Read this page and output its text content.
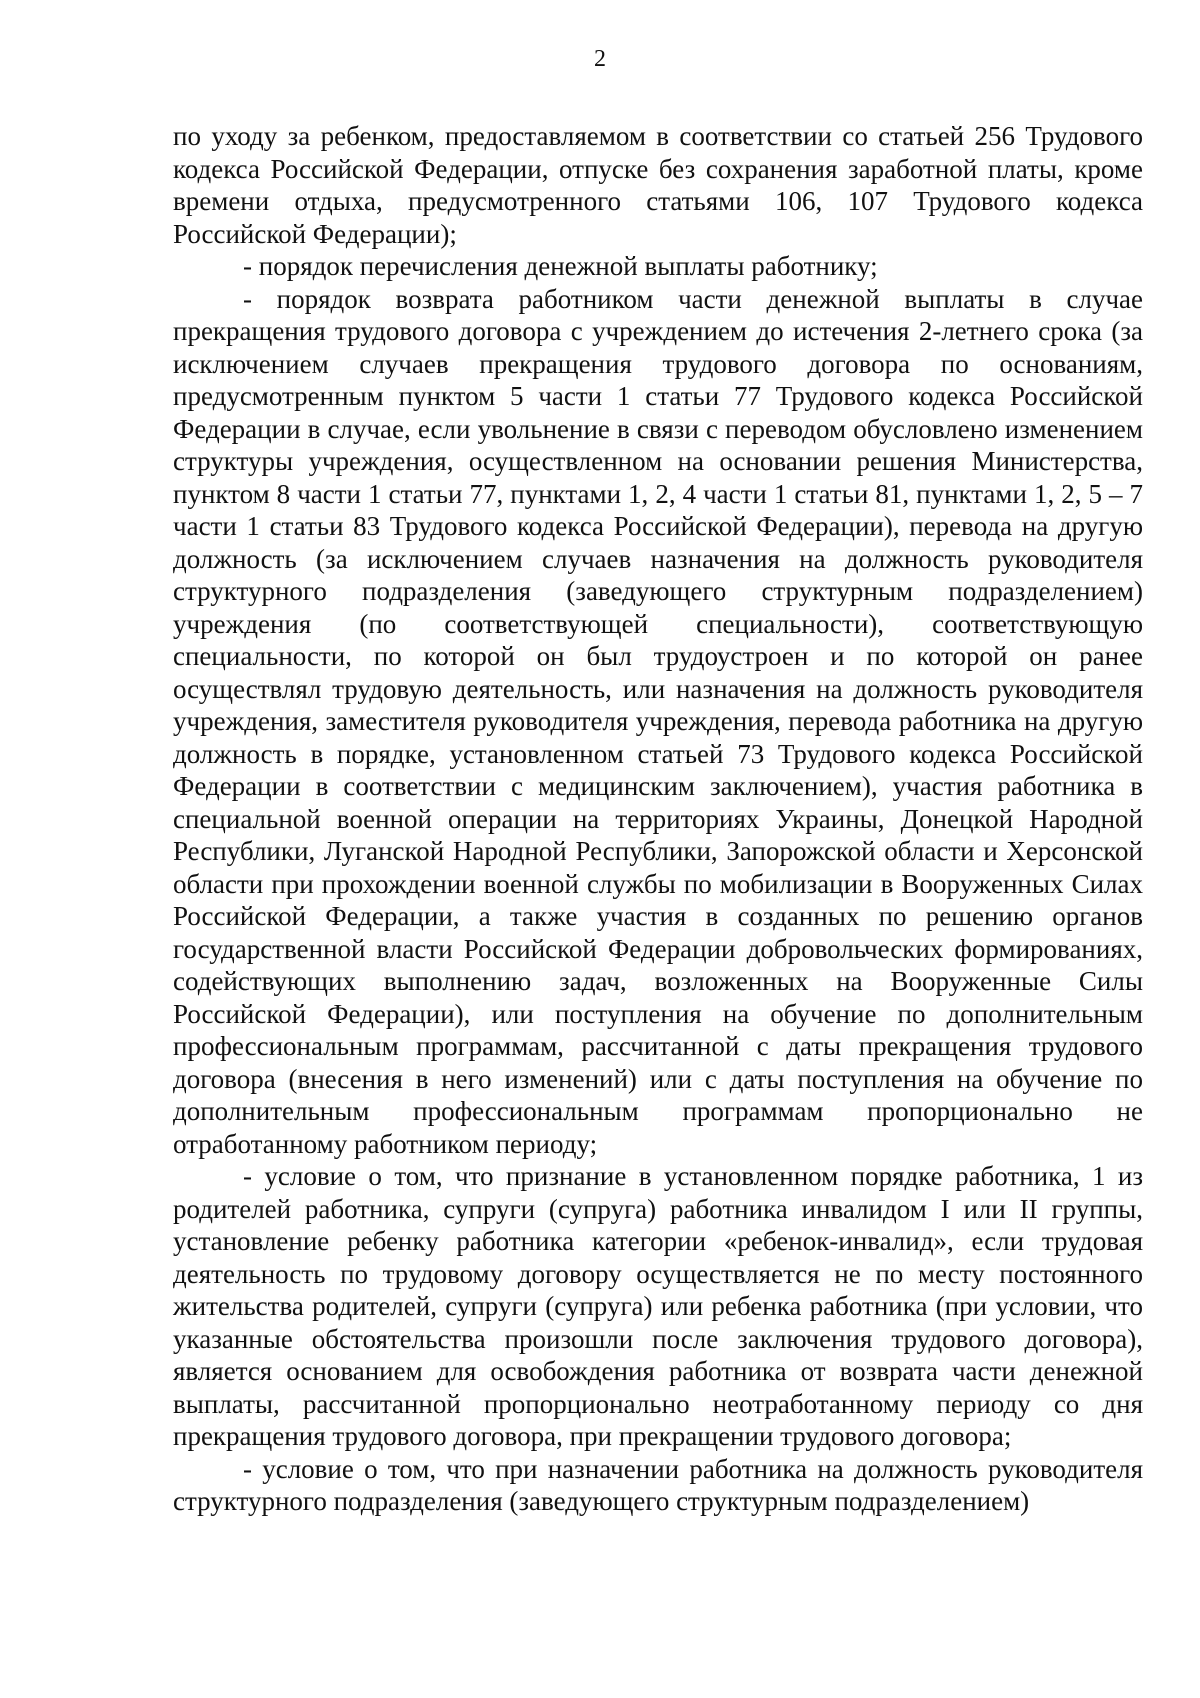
2

по уходу за ребенком, предоставляемом в соответствии со статьей 256 Трудового кодекса Российской Федерации, отпуске без сохранения заработной платы, кроме времени отдыха, предусмотренного статьями 106, 107 Трудового кодекса Российской Федерации);

- порядок перечисления денежной выплаты работнику;

- порядок возврата работником части денежной выплаты в случае прекращения трудового договора с учреждением до истечения 2-летнего срока (за исключением случаев прекращения трудового договора по основаниям, предусмотренным пунктом 5 части 1 статьи 77 Трудового кодекса Российской Федерации в случае, если увольнение в связи с переводом обусловлено изменением структуры учреждения, осуществленном на основании решения Министерства, пунктом 8 части 1 статьи 77, пунктами 1, 2, 4 части 1 статьи 81, пунктами 1, 2, 5 – 7 части 1 статьи 83 Трудового кодекса Российской Федерации), перевода на другую должность (за исключением случаев назначения на должность руководителя структурного подразделения (заведующего структурным подразделением) учреждения (по соответствующей специальности), соответствующую специальности, по которой он был трудоустроен и по которой он ранее осуществлял трудовую деятельность, или назначения на должность руководителя учреждения, заместителя руководителя учреждения, перевода работника на другую должность в порядке, установленном статьей 73 Трудового кодекса Российской Федерации в соответствии с медицинским заключением), участия работника в специальной военной операции на территориях Украины, Донецкой Народной Республики, Луганской Народной Республики, Запорожской области и Херсонской области при прохождении военной службы по мобилизации в Вооруженных Силах Российской Федерации, а также участия в созданных по решению органов государственной власти Российской Федерации добровольческих формированиях, содействующих выполнению задач, возложенных на Вооруженные Силы Российской Федерации), или поступления на обучение по дополнительным профессиональным программам, рассчитанной с даты прекращения трудового договора (внесения в него изменений) или с даты поступления на обучение по дополнительным профессиональным программам пропорционально не отработанному работником периоду;

- условие о том, что признание в установленном порядке работника, 1 из родителей работника, супруги (супруга) работника инвалидом I или II группы, установление ребенку работника категории «ребенок-инвалид», если трудовая деятельность по трудовому договору осуществляется не по месту постоянного жительства родителей, супруги (супруга) или ребенка работника (при условии, что указанные обстоятельства произошли после заключения трудового договора), является основанием для освобождения работника от возврата части денежной выплаты, рассчитанной пропорционально неотработанному периоду со дня прекращения трудового договора, при прекращении трудового договора;

- условие о том, что при назначении работника на должность руководителя структурного подразделения (заведующего структурным подразделением)
